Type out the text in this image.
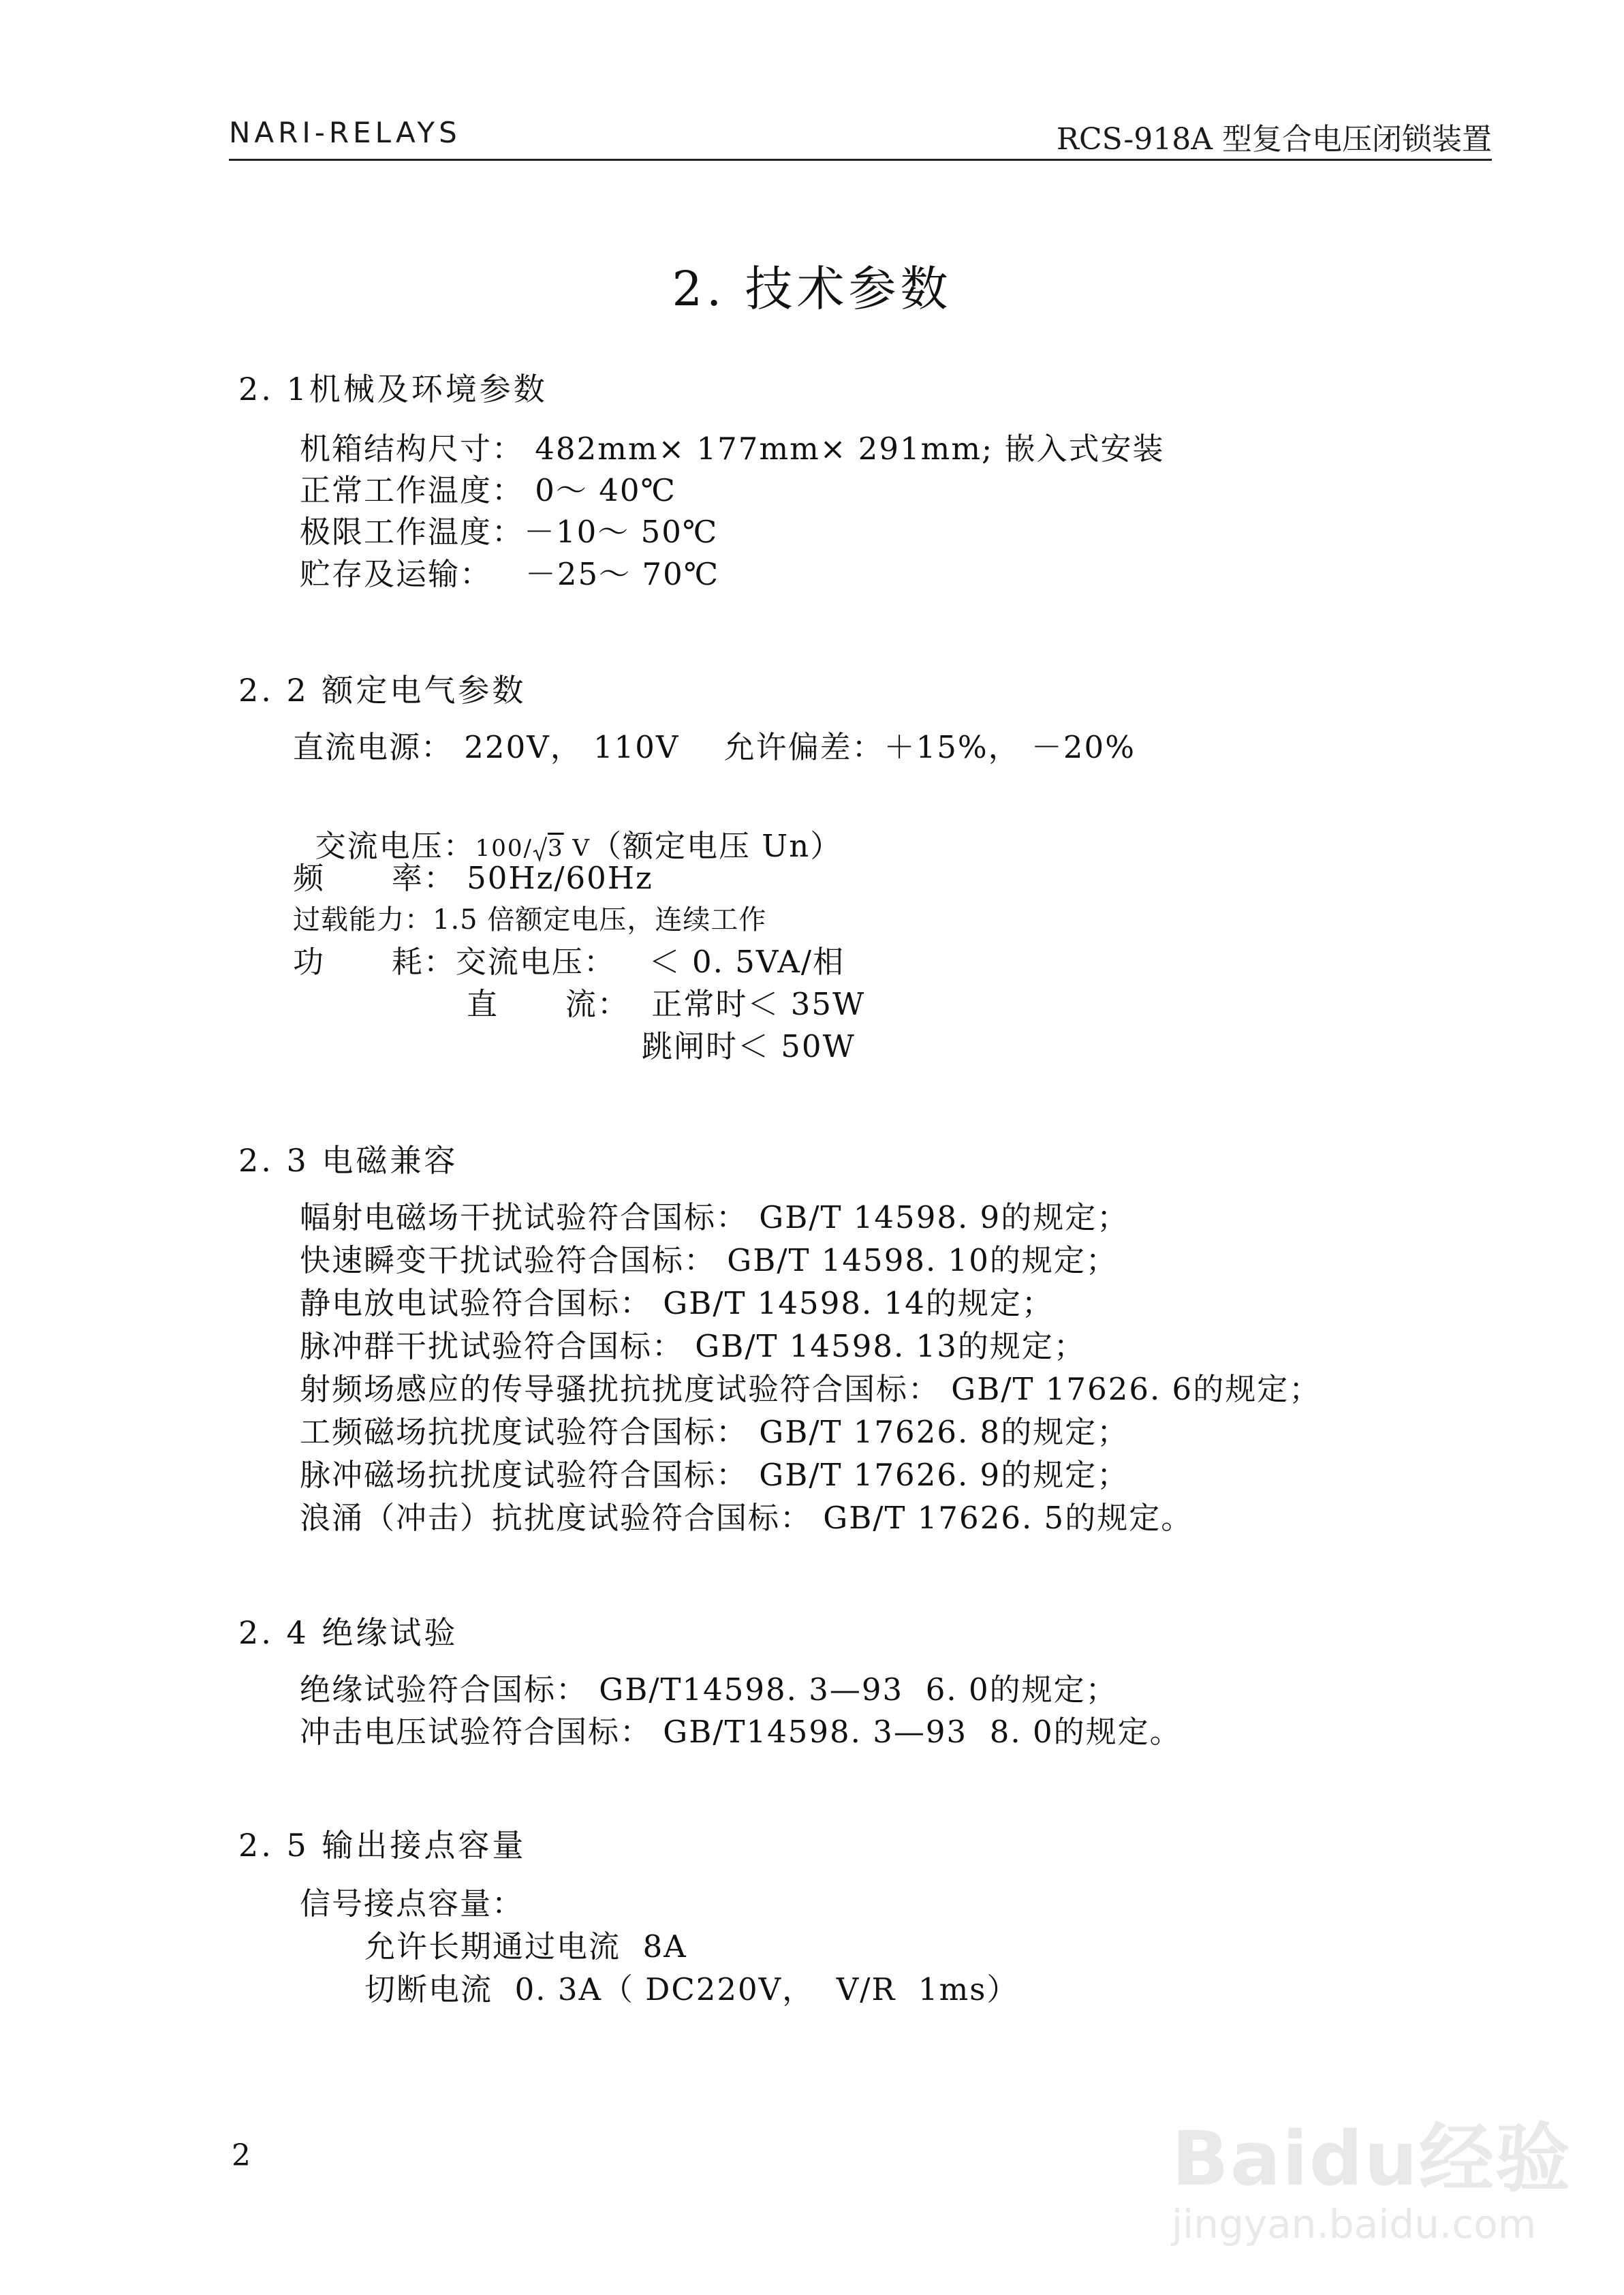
NARI-RELAYS	RCS-918A 型复合电压闭锁装置
2. 技术参数
2. 1机械及环境参数
机箱结构尺寸： 482mm× 177mm× 291mm; 嵌入式安装
正常工作温度： 0～ 40℃
极限工作温度：－10～ 50℃
贮存及运输：   －25～ 70℃
2. 2 额定电气参数
直流电源： 220V， 110V    允许偏差：＋15%， －20%

交流电压：100/ 3 V（额定电压 Un）

频      率： 50Hz/60Hz
过载能力：1.5 倍额定电压，连续工作
功      耗：交流电压：   ＜ 0. 5VA/相
直      流：  正常时＜ 35W
跳闸时＜ 50W
2. 3 电磁兼容
幅射电磁场干扰试验符合国标： GB/T 14598. 9的规定；
快速瞬变干扰试验符合国标： GB/T 14598. 10的规定；
静电放电试验符合国标： GB/T 14598. 14的规定；
脉冲群干扰试验符合国标： GB/T 14598. 13的规定；
射频场感应的传导骚扰抗扰度试验符合国标： GB/T 17626. 6的规定；
工频磁场抗扰度试验符合国标： GB/T 17626. 8的规定；
脉冲磁场抗扰度试验符合国标： GB/T 17626. 9的规定；
浪涌（冲击）抗扰度试验符合国标： GB/T 17626. 5的规定。
2. 4 绝缘试验
绝缘试验符合国标： GB/T14598. 3—93  6. 0的规定；
冲击电压试验符合国标： GB/T14598. 3—93  8. 0的规定。
2. 5 输出接点容量
信号接点容量：
允许长期通过电流  8A
切断电流  0. 3A（ DC220V，  V/R  1ms）
2

	Baidu经验

jingyan.baidu.com
